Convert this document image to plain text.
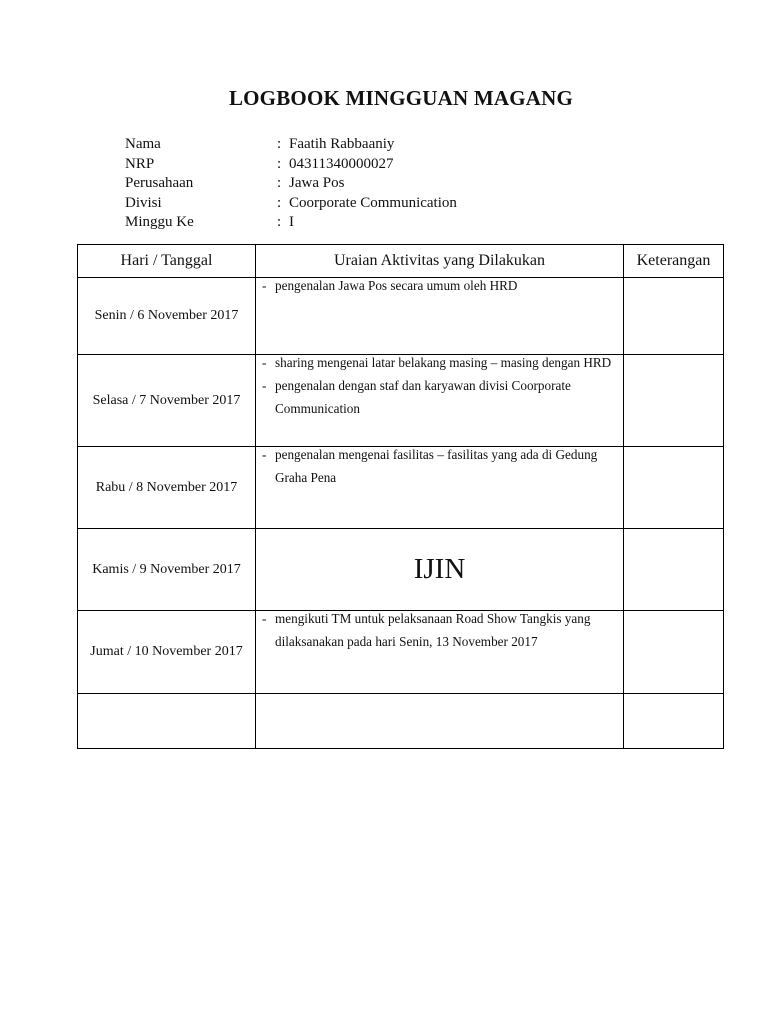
LOGBOOK MINGGUAN MAGANG
Nama	: Faatih Rabbaaniy
NRP	: 04311340000027
Perusahaan	: Jawa Pos
Divisi	: Coorporate Communication
Minggu Ke	: I
Hari / Tanggal	Uraian Aktivitas yang Dilakukan	Keterangan
Senin / 6 November 2017	- pengenalan Jawa Pos secara umum oleh HRD	

Selasa / 7 November 2017	- sharing mengenai latar belakang masing – masing dengan HRD
- pengenalan dengan staf dan karyawan divisi Coorporate Communication	

Rabu / 8 November 2017	- pengenalan mengenai fasilitas – fasilitas yang ada di Gedung Graha Pena	

Kamis / 9 November 2017	IJIN	
Jumat / 10 November 2017	- mengikuti TM untuk pelaksanaan Road Show Tangkis yang dilaksanakan pada hari Senin, 13 November 2017	
